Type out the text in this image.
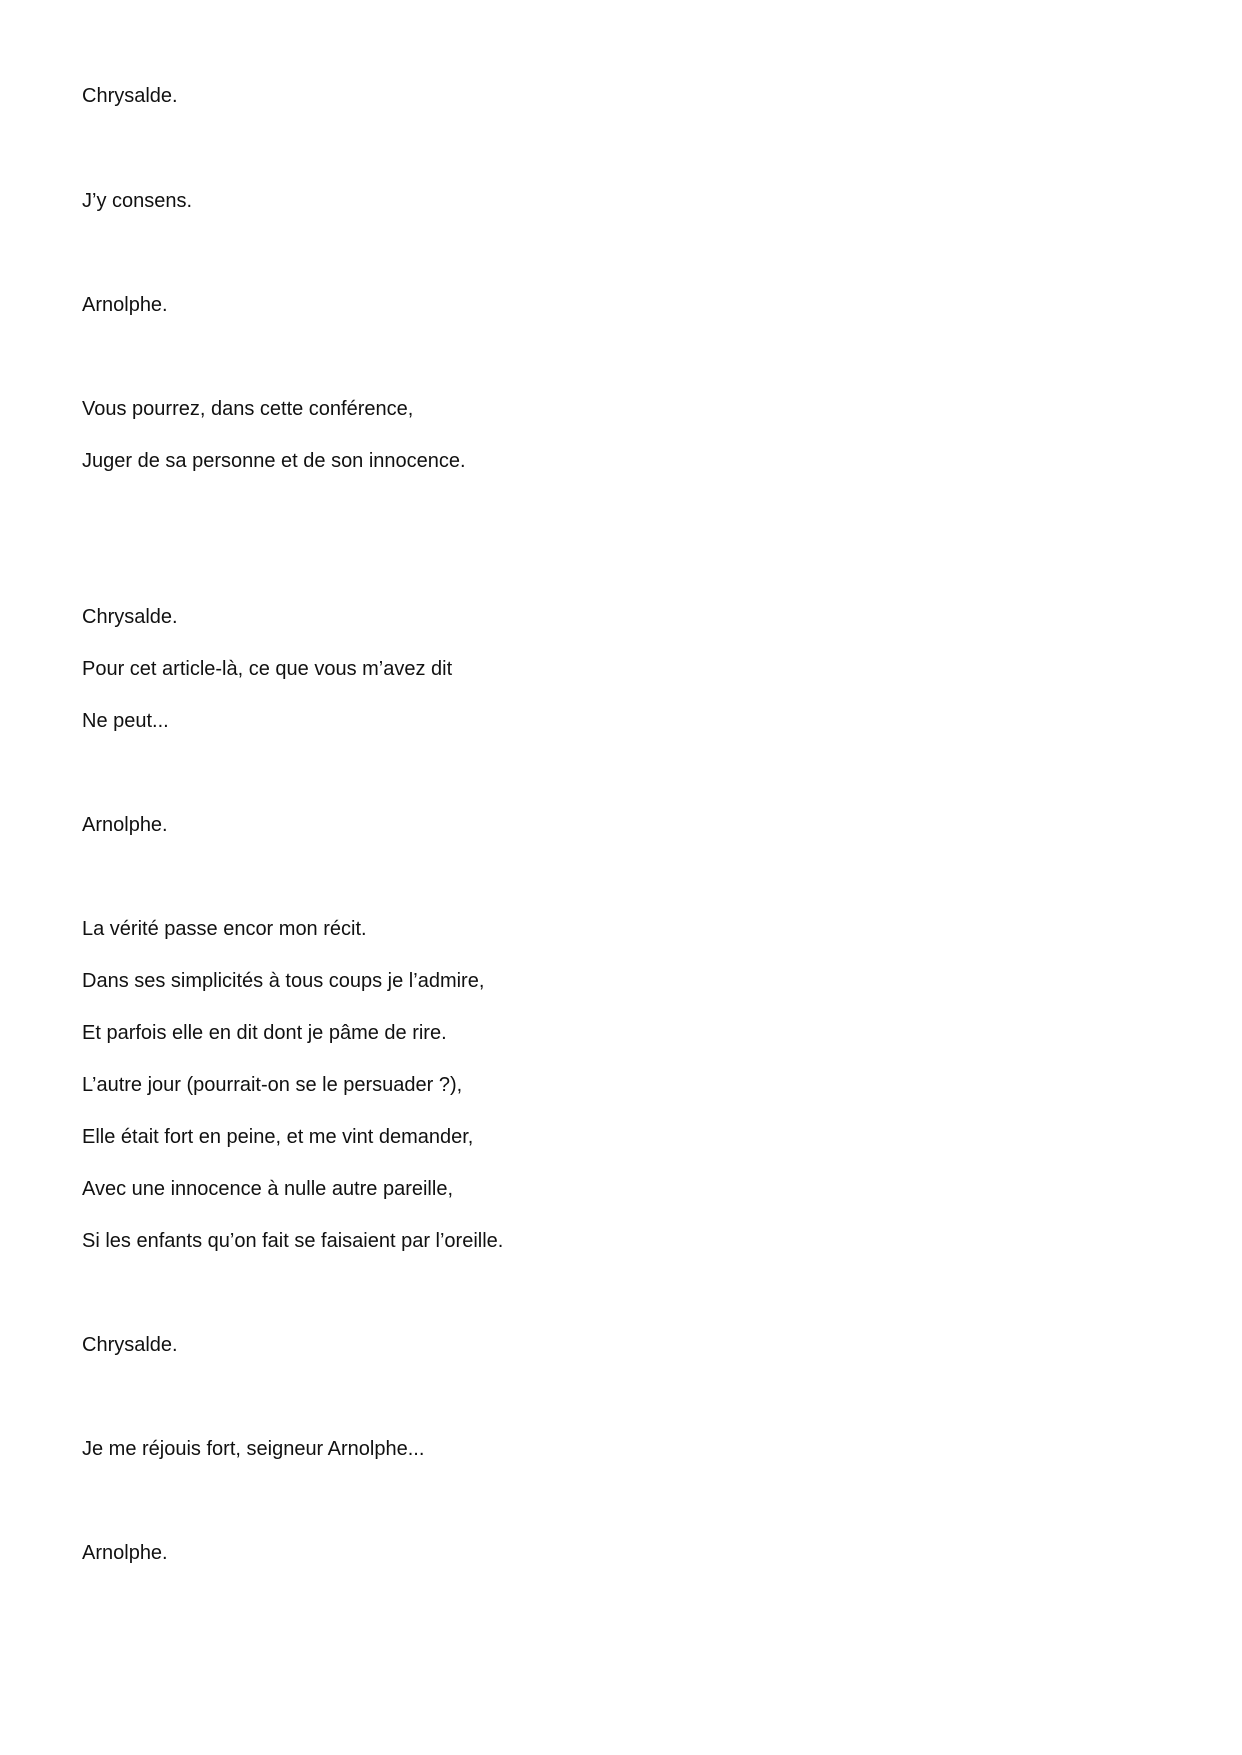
Chrysalde.

J’y consens.

Arnolphe.

Vous pourrez, dans cette conférence,

Juger de sa personne et de son innocence.

Chrysalde.

Pour cet article-là, ce que vous m’avez dit

Ne peut...

Arnolphe.

La vérité passe encor mon récit.

Dans ses simplicités à tous coups je l’admire,

Et parfois elle en dit dont je pâme de rire.

L’autre jour (pourrait-on se le persuader ?),

Elle était fort en peine, et me vint demander,

Avec une innocence à nulle autre pareille,

Si les enfants qu’on fait se faisaient par l’oreille.

Chrysalde.

Je me réjouis fort, seigneur Arnolphe...

Arnolphe.
